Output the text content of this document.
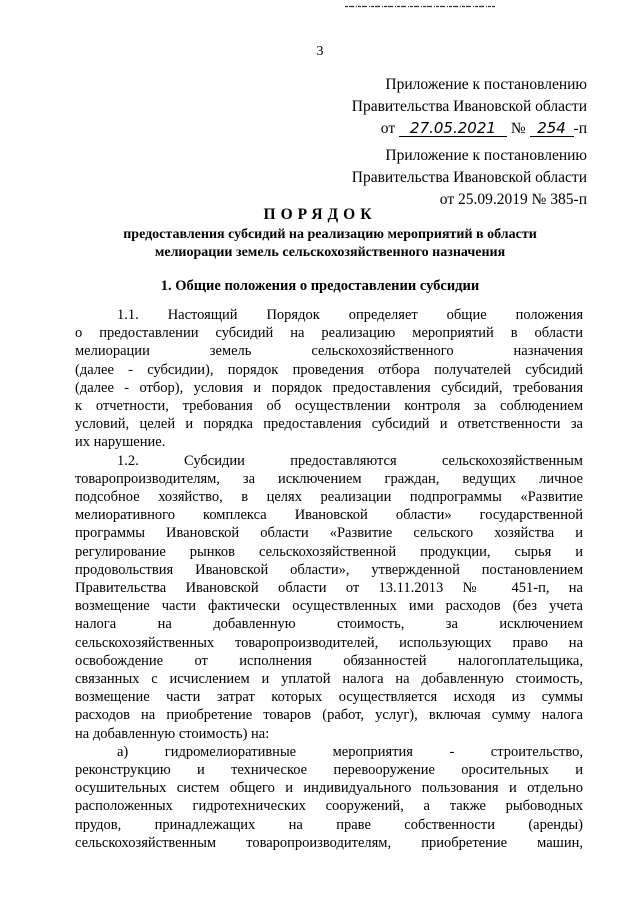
3
Приложение к постановлению
Правительства Ивановской области
от 27.05.2021 № 254 -п
Приложение к постановлению
Правительства Ивановской области
от 25.09.2019 № 385-п
ПОРЯДОК
предоставления субсидий на реализацию мероприятий в области
мелиорации земель сельскохозяйственного назначения
1. Общие положения о предоставлении субсидии

1.1. Настоящий Порядок определяет общие положения

о предоставлении субсидий на реализацию мероприятий в области

мелиорации земель сельскохозяйственного назначения

(далее - субсидии), порядок проведения отбора получателей субсидий

(далее - отбор), условия и порядок предоставления субсидий, требования

к отчетности, требования об осуществлении контроля за соблюдением

условий, целей и порядка предоставления субсидий и ответственности за

их нарушение.

1.2. Субсидии предоставляются сельскохозяйственным

товаропроизводителям, за исключением граждан, ведущих личное

подсобное хозяйство, в целях реализации подпрограммы «Развитие

мелиоративного комплекса Ивановской области» государственной

программы Ивановской области «Развитие сельского хозяйства и

регулирование рынков сельскохозяйственной продукции, сырья и

продовольствия Ивановской области», утвержденной постановлением

Правительства Ивановской области от 13.11.2013 № 451-п, на

возмещение части фактически осуществленных ими расходов (без учета

налога на добавленную стоимость, за исключением

сельскохозяйственных товаропроизводителей, использующих право на

освобождение от исполнения обязанностей налогоплательщика,

связанных с исчислением и уплатой налога на добавленную стоимость,

возмещение части затрат которых осуществляется исходя из суммы

расходов на приобретение товаров (работ, услуг), включая сумму налога

на добавленную стоимость) на:

а) гидромелиоративные мероприятия - строительство,

реконструкцию и техническое перевооружение оросительных и

осушительных систем общего и индивидуального пользования и отдельно

расположенных гидротехнических сооружений, а также рыбоводных

прудов, принадлежащих на праве собственности (аренды)

сельскохозяйственным товаропроизводителям, приобретение машин,
